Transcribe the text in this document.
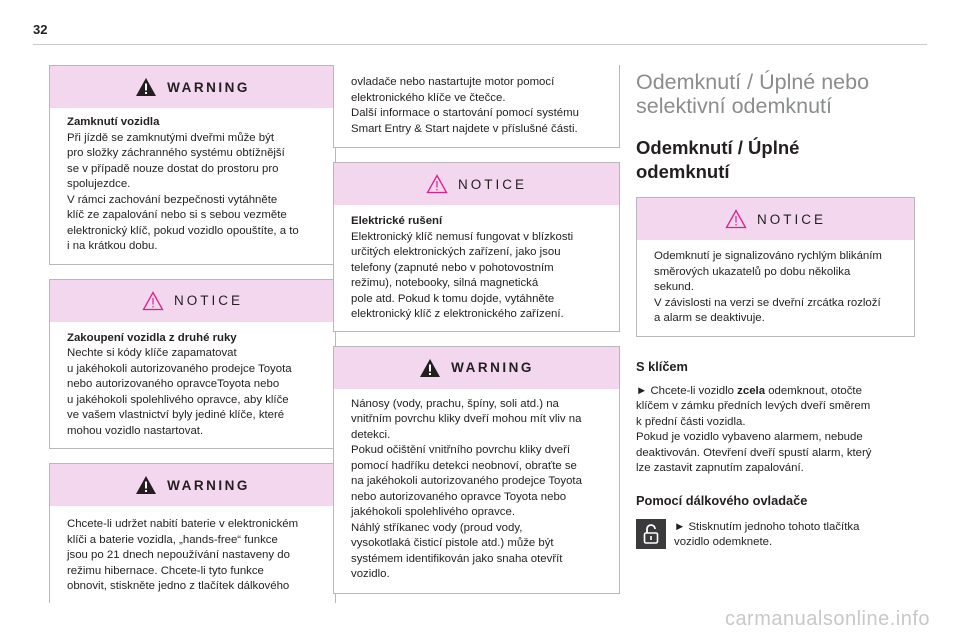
32
WARNING
Zamknutí vozidla
Při jízdě se zamknutými dveřmi může být
pro složky záchranného systému obtížnější
se v případě nouze dostat do prostoru pro
spolujezdce.
V rámci zachování bezpečnosti vytáhněte
klíč ze zapalování nebo si s sebou vezměte
elektronický klíč, pokud vozidlo opouštíte, a to
i na krátkou dobu.
NOTICE
Zakoupení vozidla z druhé ruky
Nechte si kódy klíče zapamatovat
u jakéhokoli autorizovaného prodejce Toyota
nebo autorizovaného opravceToyota nebo
u jakéhokoli spolehlivého opravce, aby klíče
ve vašem vlastnictví byly jediné klíče, které
mohou vozidlo nastartovat.
WARNING
Chcete-li udržet nabití baterie v elektronickém
klíči a baterie vozidla, „hands-free“ funkce
jsou po 21 dnech nepoužívání nastaveny do
režimu hibernace. Chcete-li tyto funkce
obnovit, stiskněte jedno z tlačítek dálkového
ovladače nebo nastartujte motor pomocí
elektronického klíče ve čtečce.
Další informace o startování pomocí systému
Smart Entry & Start najdete v příslušné části.
NOTICE
Elektrické rušení
Elektronický klíč nemusí fungovat v blízkosti
určitých elektronických zařízení, jako jsou
telefony (zapnuté nebo v pohotovostním
režimu), notebooky, silná magnetická
pole atd. Pokud k tomu dojde, vytáhněte
elektronický klíč z elektronického zařízení.
WARNING
Nánosy (vody, prachu, špíny, soli atd.) na
vnitřním povrchu kliky dveří mohou mít vliv na
detekci.
Pokud očištění vnitřního povrchu kliky dveří
pomocí hadříku detekci neobnoví, obraťte se
na jakéhokoli autorizovaného prodejce Toyota
nebo autorizovaného opravce Toyota nebo
jakéhokoli spolehlivého opravce.
Náhlý stříkanec vody (proud vody,
vysokotlaká čisticí pistole atd.) může být
systémem identifikován jako snaha otevřít
vozidlo.
Odemknutí / Úplné nebo
selektivní odemknutí
Odemknutí / Úplné
odemknutí
NOTICE
Odemknutí je signalizováno rychlým blikáním
směrových ukazatelů po dobu několika
sekund.
V závislosti na verzi se dveřní zrcátka rozloží
a alarm se deaktivuje.
S klíčem

► Chcete-li vozidlo zcela odemknout, otočte
klíčem v zámku předních levých dveří směrem
k přední části vozidla.
Pokud je vozidlo vybaveno alarmem, nebude
deaktivován. Otevření dveří spustí alarm, který
lze zastavit zapnutím zapalování.

Pomocí dálkového ovladače
► Stisknutím jednoho tohoto tlačítka
vozidlo odemknete.
carmanualsonline.info
